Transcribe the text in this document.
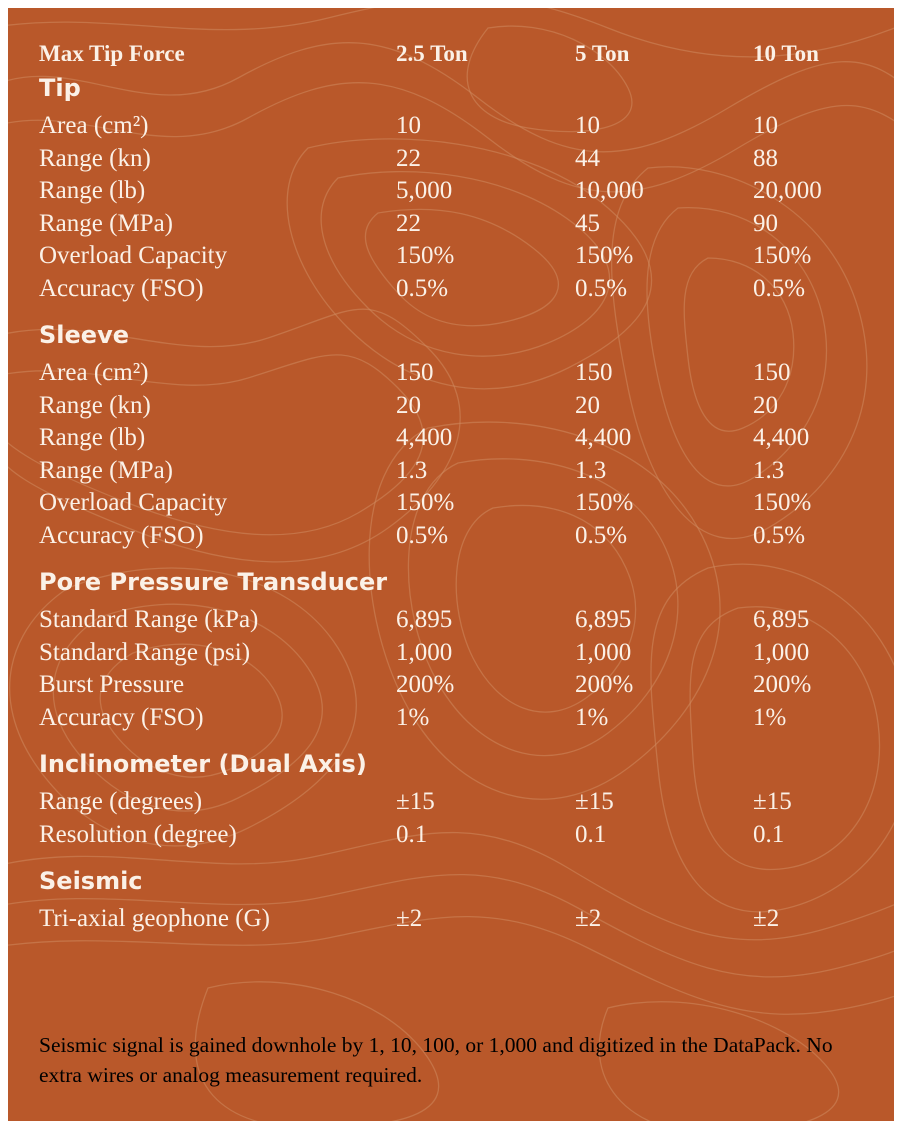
Max Tip Force	2.5 Ton	5 Ton	10 Ton
Tip
Area (cm²)	10	10	10
Range (kn)	22	44	88
Range (lb)	5,000	10,000	20,000
Range (MPa)	22	45	90
Overload Capacity	150%	150%	150%
Accuracy (FSO)	0.5%	0.5%	0.5%
Sleeve
Area (cm²)	150	150	150
Range (kn)	20	20	20
Range (lb)	4,400	4,400	4,400
Range (MPa)	1.3	1.3	1.3
Overload Capacity	150%	150%	150%
Accuracy (FSO)	0.5%	0.5%	0.5%
Pore Pressure Transducer
Standard Range (kPa)	6,895	6,895	6,895
Standard Range (psi)	1,000	1,000	1,000
Burst Pressure	200%	200%	200%
Accuracy (FSO)	1%	1%	1%
Inclinometer (Dual Axis)
Range (degrees)	±15	±15	±15
Resolution (degree)	0.1	0.1	0.1
Seismic
Tri-axial geophone (G)	±2	±2	±2
Seismic signal is gained downhole by 1, 10, 100, or 1,000 and digitized in the DataPack. No extra wires or analog measurement required.
